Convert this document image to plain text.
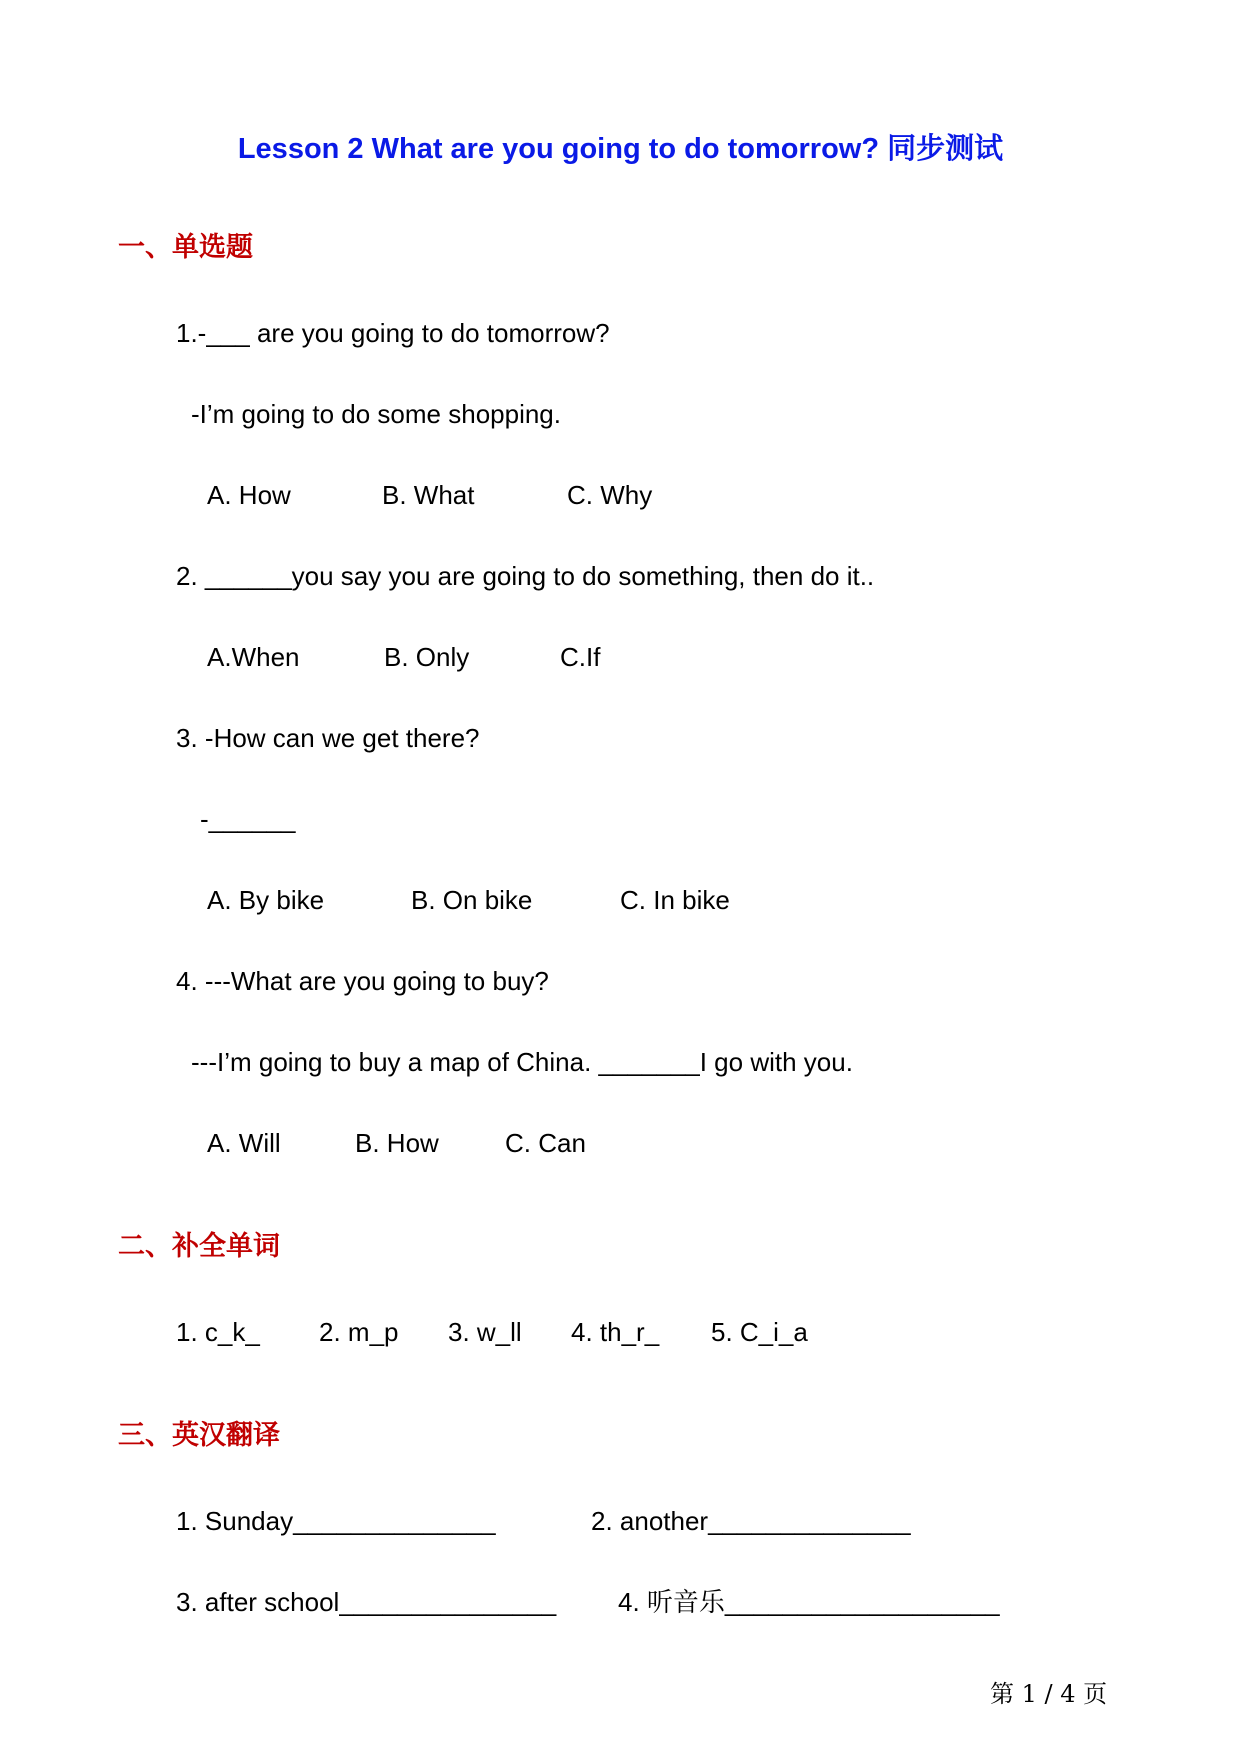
Lesson 2 What are you going to do tomorrow? 同步测试
一、单选题
1.-___ are you going to do tomorrow?
-I’m going to do some shopping.
A. How	B. What	C. Why
2. ______you say you are going to do something, then do it..
A.When	B. Only	C.If
3. -How can we get there?
-______
A. By bike	B. On bike	C. In bike
4. ---What are you going to buy?
---I’m going to buy a map of China. _______I go with you.
A. Will	B. How	C. Can
二、补全单词
1. c_k_ 2. m_p 3. w_ll 4. th_r_ 5. C_i_a
三、英汉翻译
1. Sunday______________	2. another______________
3. after school_______________ 4. 听音乐___________________
第 1 / 4 页
